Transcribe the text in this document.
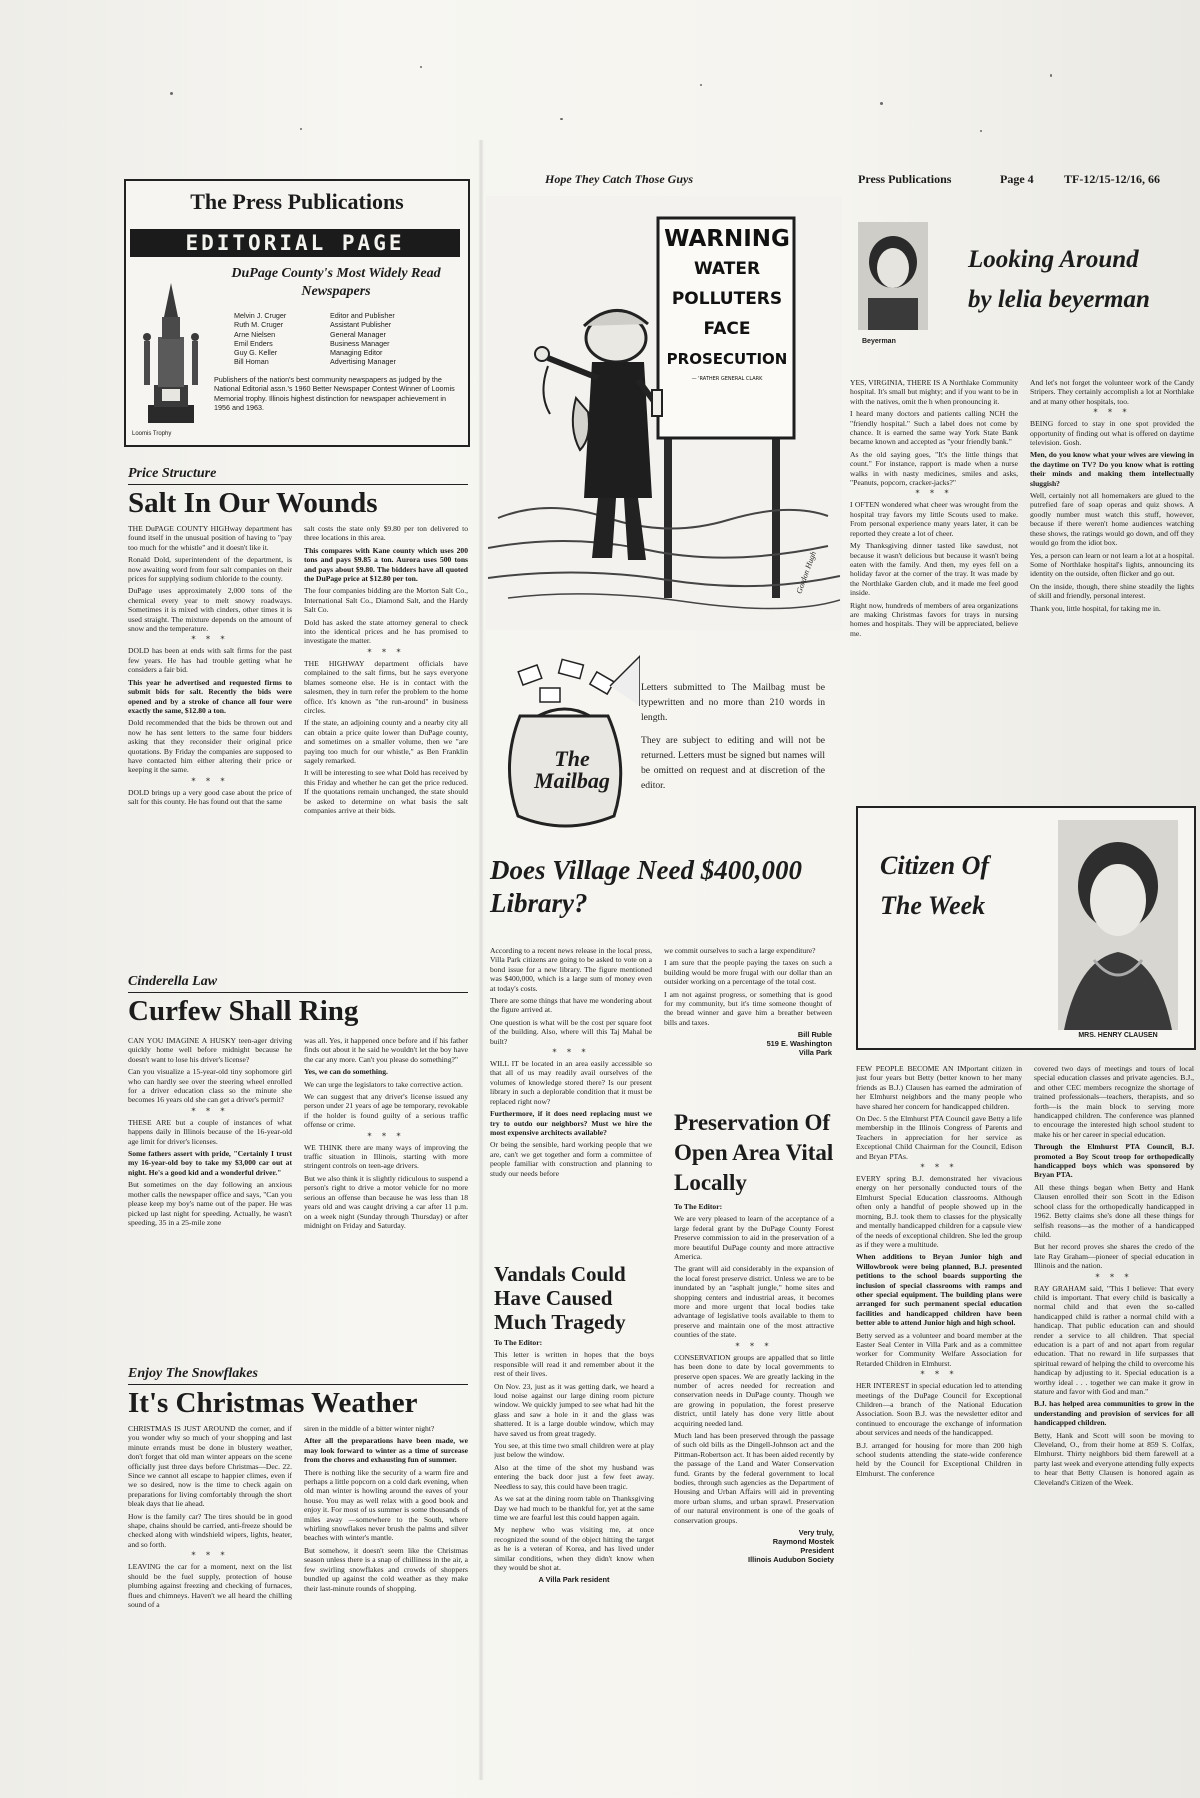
Hope They Catch Those Guys	Press Publications	Page 4	TF-12/15-12/16, 66
The Press Publications
EDITORIAL PAGE
DuPage County's Most Widely Read Newspapers
Loomis Trophy
Melvin J. Cruger	Editor and Publisher
Ruth M. Cruger	Assistant Publisher
Arne Nielsen	General Manager
Emil Enders	Business Manager
Guy G. Keller	Managing Editor
Bill Homan	Advertising Manager
Publishers of the nation's best community newspapers as judged by the National Editorial assn.'s 1960 Better Newspaper Contest Winner of Loomis Memorial trophy. Illinois highest distinction for newspaper achievement in 1956 and 1963.

Price Structure

Salt In Our Wounds

THE DuPAGE COUNTY HIGHway department has found itself in the unusual position of having to "pay too much for the whistle" and it doesn't like it.

Ronald Dold, superintendent of the department, is now awaiting word from four salt companies on their prices for supplying sodium chloride to the county.

DuPage uses approximately 2,000 tons of the chemical every year to melt snowy roadways. Sometimes it is mixed with cinders, other times it is used straight. The mixture depends on the amount of snow and the temperature.

* * *

DOLD has been at ends with salt firms for the past few years. He has had trouble getting what he considers a fair bid.

This year he advertised and requested firms to submit bids for salt. Recently the bids were opened and by a stroke of chance all four were exactly the same, $12.80 a ton.

Dold recommended that the bids be thrown out and now he has sent letters to the same four bidders asking that they reconsider their original price quotations. By Friday the companies are supposed to have contacted him either altering their price or keeping it the same.

* * *

DOLD brings up a very good case about the price of salt for this county. He has found out that the same

salt costs the state only $9.80 per ton delivered to three locations in this area.

This compares with Kane county which uses 200 tons and pays $9.85 a ton. Aurora uses 500 tons and pays about $9.80. The bidders have all quoted the DuPage price at $12.80 per ton.

The four companies bidding are the Morton Salt Co., International Salt Co., Diamond Salt, and the Hardy Salt Co.

Dold has asked the state attorney general to check into the identical prices and he has promised to investigate the matter.

* * *

THE HIGHWAY department officials have complained to the salt firms, but he says everyone blames someone else. He is in contact with the salesmen, they in turn refer the problem to the home office. It's known as "the run-around" in business circles.

If the state, an adjoining county and a nearby city all can obtain a price quite lower than DuPage county, and sometimes on a smaller volume, then we "are paying too much for our whistle," as Ben Franklin sagely remarked.

It will be interesting to see what Dold has received by this Friday and whether he can get the price reduced. If the quotations remain unchanged, the state should be asked to determine on what basis the salt companies arrive at their bids.

Cinderella Law

Curfew Shall Ring

CAN YOU IMAGINE A HUSKY teen-ager driving quickly home well before midnight because he doesn't want to lose his driver's license?

Can you visualize a 15-year-old tiny sophomore girl who can hardly see over the steering wheel enrolled for a driver education class so the minute she becomes 16 years old she can get a driver's permit?

* * *

THESE ARE but a couple of instances of what happens daily in Illinois because of the 16-year-old age limit for driver's licenses.

Some fathers assert with pride, "Certainly I trust my 16-year-old boy to take my $3,000 car out at night. He's a good kid and a wonderful driver."

But sometimes on the day following an anxious mother calls the newspaper office and says, "Can you please keep my boy's name out of the paper. He was picked up last night for speeding. Actually, he wasn't speeding, 35 in a 25-mile zone

was all. Yes, it happened once before and if his father finds out about it he said he wouldn't let the boy have the car any more. Can't you please do something?"

Yes, we can do something.

We can urge the legislators to take corrective action.

We can suggest that any driver's license issued any person under 21 years of age be temporary, revokable if the holder is found guilty of a serious traffic offense or crime.

* * *

WE THINK there are many ways of improving the traffic situation in Illinois, starting with more stringent controls on teen-age drivers.

But we also think it is slightly ridiculous to suspend a person's right to drive a motor vehicle for no more serious an offense than because he was less than 18 years old and was caught driving a car after 11 p.m. on a week night (Sunday through Thursday) or after midnight on Friday and Saturday.

Enjoy The Snowflakes

It's Christmas Weather

CHRISTMAS IS JUST AROUND the corner, and if you wonder why so much of your shopping and last minute errands must be done in blustery weather, don't forget that old man winter appears on the scene officially just three days before Christmas—Dec. 22. Since we cannot all escape to happier climes, even if we so desired, now is the time to check again on preparations for living comfortably through the short bleak days that lie ahead.

How is the family car? The tires should be in good shape, chains should be carried, anti-freeze should be checked along with windshield wipers, lights, heater, and so forth.

* * *

LEAVING the car for a moment, next on the list should be the fuel supply, protection of house plumbing against freezing and checking of furnaces, flues and chimneys. Haven't we all heard the chilling sound of a

siren in the middle of a bitter winter night?

After all the preparations have been made, we may look forward to winter as a time of surcease from the chores and exhausting fun of summer.

There is nothing like the security of a warm fire and perhaps a little popcorn on a cold dark evening, when old man winter is howling around the eaves of your house. You may as well relax with a good book and enjoy it. For most of us summer is some thousands of miles away —somewhere to the South, where whirling snowflakes never brush the palms and silver beaches with winter's mantle.

But somehow, it doesn't seem like the Christmas season unless there is a snap of chilliness in the air, a few swirling snowflakes and crowds of shoppers bundled up against the cold weather as they make their last-minute rounds of shopping.

WARNING
WATER
POLLUTERS
FACE
PROSECUTION
— 'RATHER GENERAL CLARK
Gordon Hugh
The Mailbag

Letters submitted to The Mailbag must be typewritten and no more than 210 words in length.

They are subject to editing and will not be returned. Letters must be signed but names will be omitted on request and at discretion of the editor.

Does Village Need $400,000 Library?

According to a recent news release in the local press, Villa Park citizens are going to be asked to vote on a bond issue for a new library. The figure mentioned was $400,000, which is a large sum of money even at today's costs.

There are some things that have me wondering about the figure arrived at.

One question is what will be the cost per square foot of the building. Also, where will this Taj Mahal be built?

* * *

WILL IT be located in an area easily accessible so that all of us may readily avail ourselves of the volumes of knowledge stored there? Is our present library in such a deplorable condition that it must be replaced right now?

Furthermore, if it does need replacing must we try to outdo our neighbors? Must we hire the most expensive architects available?

Or being the sensible, hard working people that we are, can't we get together and form a committee of people familiar with construction and planning to study our needs before

we commit ourselves to such a large expenditure?

I am sure that the people paying the taxes on such a building would be more frugal with our dollar than an outsider working on a percentage of the total cost.

I am not against progress, or something that is good for my community, but it's time someone thought of the bread winner and gave him a breather between bills and taxes.

Bill Ruble
519 E. Washington
Villa Park

Vandals Could Have Caused Much Tragedy

To The Editor:

This letter is written in hopes that the boys responsible will read it and remember about it the rest of their lives.

On Nov. 23, just as it was getting dark, we heard a loud noise against our large dining room picture window. We quickly jumped to see what had hit the glass and saw a hole in it and the glass was shattered. It is a large double window, which may have saved us from great tragedy.

You see, at this time two small children were at play just below the window.

Also at the time of the shot my husband was entering the back door just a few feet away. Needless to say, this could have been tragic.

As we sat at the dining room table on Thanksgiving Day we had much to be thankful for, yet at the same time we are fearful lest this could happen again.

My nephew who was visiting me, at once recognized the sound of the object hitting the target as he is a veteran of Korea, and has lived under similar conditions, when they didn't know when they would be shot at.

A Villa Park resident

Preservation Of Open Area Vital Locally

To The Editor:

We are very pleased to learn of the acceptance of a large federal grant by the DuPage County Forest Preserve commission to aid in the preservation of a more beautiful DuPage county and more attractive America.

The grant will aid considerably in the expansion of the local forest preserve district. Unless we are to be inundated by an "asphalt jungle," home sites and shopping centers and industrial areas, it becomes more and more urgent that local bodies take advantage of legislative tools available to them to preserve and maintain one of the most attractive counties of the state.

* * *

CONSERVATION groups are appalled that so little has been done to date by local governments to preserve open spaces. We are greatly lacking in the number of acres needed for recreation and conservation needs in DuPage county. Though we are growing in population, the forest preserve district, until lately has done very little about acquiring needed land.

Much land has been preserved through the passage of such old bills as the Dingell-Johnson act and the Pittman-Robertson act. It has been aided recently by the passage of the Land and Water Conservation fund. Grants by the federal government to local bodies, through such agencies as the Department of Housing and Urban Affairs will aid in preventing more urban slums, and urban sprawl. Preservation of our natural environment is one of the goals of conservation groups.

Very truly,
Raymond Mostek
President
Illinois Audubon Society
Beyerman
Looking Around by lelia beyerman

YES, VIRGINIA, THERE IS A Northlake Community hospital. It's small but mighty; and if you want to be in with the natives, omit the h when pronouncing it.

I heard many doctors and patients calling NCH the "friendly hospital." Such a label does not come by chance. It is earned the same way York State Bank became known and accepted as "your friendly bank."

As the old saying goes, "It's the little things that count." For instance, rapport is made when a nurse walks in with nasty medicines, smiles and asks, "Peanuts, popcorn, cracker-jacks?"

* * *

I OFTEN wondered what cheer was wrought from the hospital tray favors my little Scouts used to make. From personal experience many years later, it can be reported they create a lot of cheer.

My Thanksgiving dinner tasted like sawdust, not because it wasn't delicious but because it wasn't being eaten with the family. And then, my eyes fell on a holiday favor at the corner of the tray. It was made by the Northlake Garden club, and it made me feel good inside.

Right now, hundreds of members of area organizations are making Christmas favors for trays in nursing homes and hospitals. They will be appreciated, believe me.

And let's not forget the volunteer work of the Candy Stripers. They certainly accomplish a lot at Northlake and at many other hospitals, too.

* * *

BEING forced to stay in one spot provided the opportunity of finding out what is offered on daytime television. Gosh.

Men, do you know what your wives are viewing in the daytime on TV? Do you know what is rotting their minds and making them intellectually sluggish?

Well, certainly not all homemakers are glued to the putrefied fare of soap operas and quiz shows. A goodly number must watch this stuff, however, because if there weren't home audiences watching these shows, the ratings would go down, and off they would go from the idiot box.

Yes, a person can learn or not learn a lot at a hospital. Some of Northlake hospital's lights, announcing its identity on the outside, often flicker and go out.

On the inside, though, there shine steadily the lights of skill and friendly, personal interest.

Thank you, little hospital, for taking me in.

Citizen Of The Week
MRS. HENRY CLAUSEN

FEW PEOPLE BECOME AN IMportant citizen in just four years but Betty (better known to her many friends as B.J.) Clausen has earned the admiration of her Elmhurst neighbors and the many people who have shared her concern for handicapped children.

On Dec. 5 the Elmhurst PTA Council gave Betty a life membership in the Illinois Congress of Parents and Teachers in appreciation for her service as Exceptional Child Chairman for the Council, Edison and Bryan PTAs.

* * *

EVERY spring B.J. demonstrated her vivacious energy on her personally conducted tours of the Elmhurst Special Education classrooms. Although often only a handful of people showed up in the morning, B.J. took them to classes for the physically and mentally handicapped children for a capsule view of the needs of exceptional children. She led the group as if they were a multitude.

When additions to Bryan Junior high and Willowbrook were being planned, B.J. presented petitions to the school boards supporting the inclusion of special classrooms with ramps and other special equipment. The building plans were arranged for such permanent special education facilities and handicapped children have been better able to attend Junior high and high school.

Betty served as a volunteer and board member at the Easter Seal Center in Villa Park and as a committee worker for Community Welfare Association for Retarded Children in Elmhurst.

* * *

HER INTEREST in special education led to attending meetings of the DuPage Council for Exceptional Children—a branch of the National Education Association. Soon B.J. was the newsletter editor and continued to encourage the exchange of information about services and needs of the handicapped.

B.J. arranged for housing for more than 200 high school students attending the state-wide conference held by the Council for Exceptional Children in Elmhurst. The conference

covered two days of meetings and tours of local special education classes and private agencies. B.J., and other CEC members recognize the shortage of trained professionals—teachers, therapists, and so forth—is the main block to serving more handicapped children. The conference was planned to encourage the interested high school student to make his or her career in special education.

Through the Elmhurst PTA Council, B.J. promoted a Boy Scout troop for orthopedically handicapped boys which was sponsored by Bryan PTA.

All these things began when Betty and Hank Clausen enrolled their son Scott in the Edison school class for the orthopedically handicapped in 1962. Betty claims she's done all these things for selfish reasons—as the mother of a handicapped child.

But her record proves she shares the credo of the late Ray Graham—pioneer of special education in Illinois and the nation.

* * *

RAY GRAHAM said, "This I believe: That every child is important. That every child is basically a normal child and that even the so-called handicapped child is rather a normal child with a handicap. That public education can and should render a service to all children. That special education is a part of and not apart from regular education. That no reward in life surpasses that spiritual reward of helping the child to overcome his handicap by adjusting to it. Special education is a worthy ideal . . . together we can make it grow in stature and favor with God and man."

B.J. has helped area communities to grow in the understanding and provision of services for all handicapped children.

Betty, Hank and Scott will soon be moving to Cleveland, O., from their home at 859 S. Colfax, Elmhurst. Thirty neighbors bid them farewell at a party last week and everyone attending fully expects to hear that Betty Clausen is honored again as Cleveland's Citizen of the Week.
